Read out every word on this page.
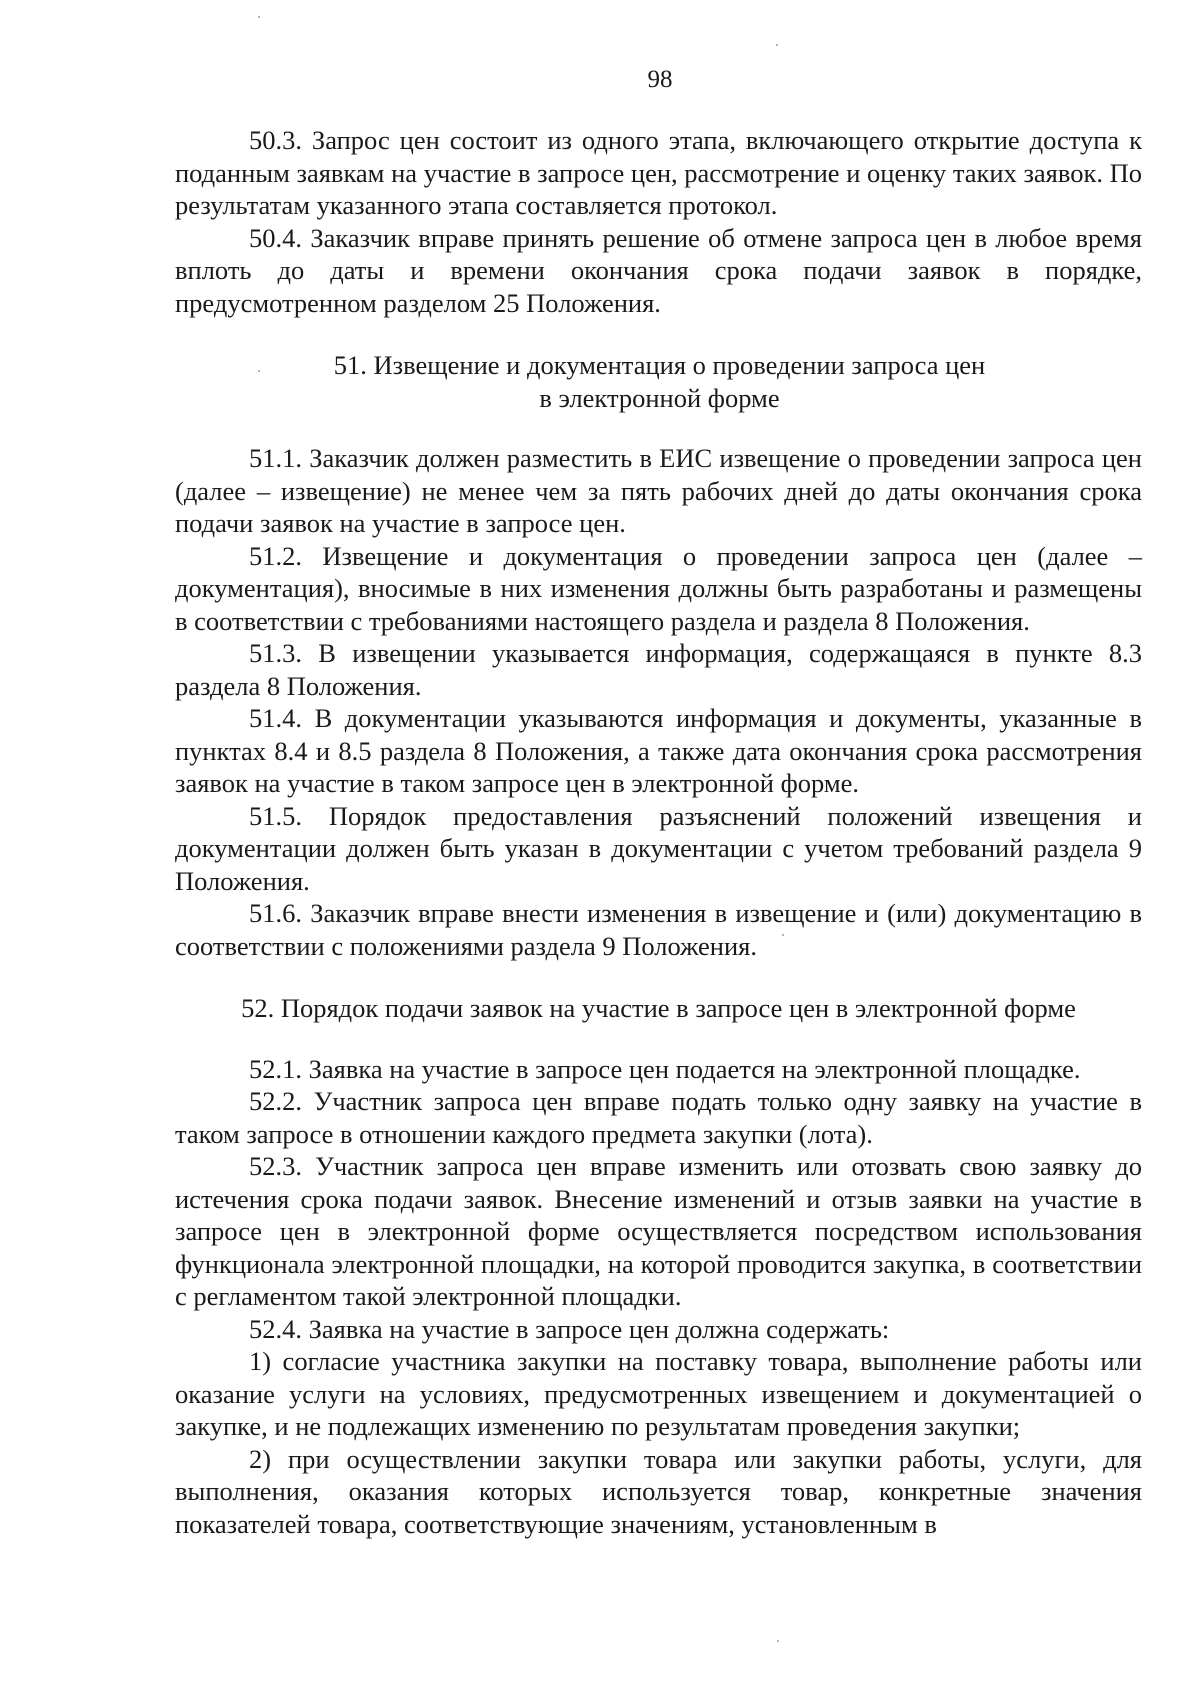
98

50.3. Запрос цен состоит из одного этапа, включающего открытие доступа к поданным заявкам на участие в запросе цен, рассмотрение и оценку таких заявок. По результатам указанного этапа составляется протокол.

50.4. Заказчик вправе принять решение об отмене запроса цен в любое время вплоть до даты и времени окончания срока подачи заявок в порядке, предусмотренном разделом 25 Положения.

51. Извещение и документация о проведении запроса цен
в электронной форме

51.1. Заказчик должен разместить в ЕИС извещение о проведении запроса цен (далее – извещение) не менее чем за пять рабочих дней до даты окончания срока подачи заявок на участие в запросе цен.

51.2. Извещение и документация о проведении запроса цен (далее – документация), вносимые в них изменения должны быть разработаны и размещены в соответствии с требованиями настоящего раздела и раздела 8 Положения.

51.3. В извещении указывается информация, содержащаяся в пункте 8.3 раздела 8 Положения.

51.4. В документации указываются информация и документы, указанные в пунктах 8.4 и 8.5 раздела 8 Положения, а также дата окончания срока рассмотрения заявок на участие в таком запросе цен в электронной форме.

51.5. Порядок предоставления разъяснений положений извещения и документации должен быть указан в документации с учетом требований раздела 9 Положения.

51.6. Заказчик вправе внести изменения в извещение и (или) документацию в соответствии с положениями раздела 9 Положения.

52. Порядок подачи заявок на участие в запросе цен в электронной форме

52.1. Заявка на участие в запросе цен подается на электронной площадке.

52.2. Участник запроса цен вправе подать только одну заявку на участие в таком запросе в отношении каждого предмета закупки (лота).

52.3. Участник запроса цен вправе изменить или отозвать свою заявку до истечения срока подачи заявок. Внесение изменений и отзыв заявки на участие в запросе цен в электронной форме осуществляется посредством использования функционала электронной площадки, на которой проводится закупка, в соответствии с регламентом такой электронной площадки.

52.4. Заявка на участие в запросе цен должна содержать:

1) согласие участника закупки на поставку товара, выполнение работы или оказание услуги на условиях, предусмотренных извещением и документацией о закупке, и не подлежащих изменению по результатам проведения закупки;

2) при осуществлении закупки товара или закупки работы, услуги, для выполнения, оказания которых используется товар, конкретные значения показателей товара, соответствующие значениям, установленным в
